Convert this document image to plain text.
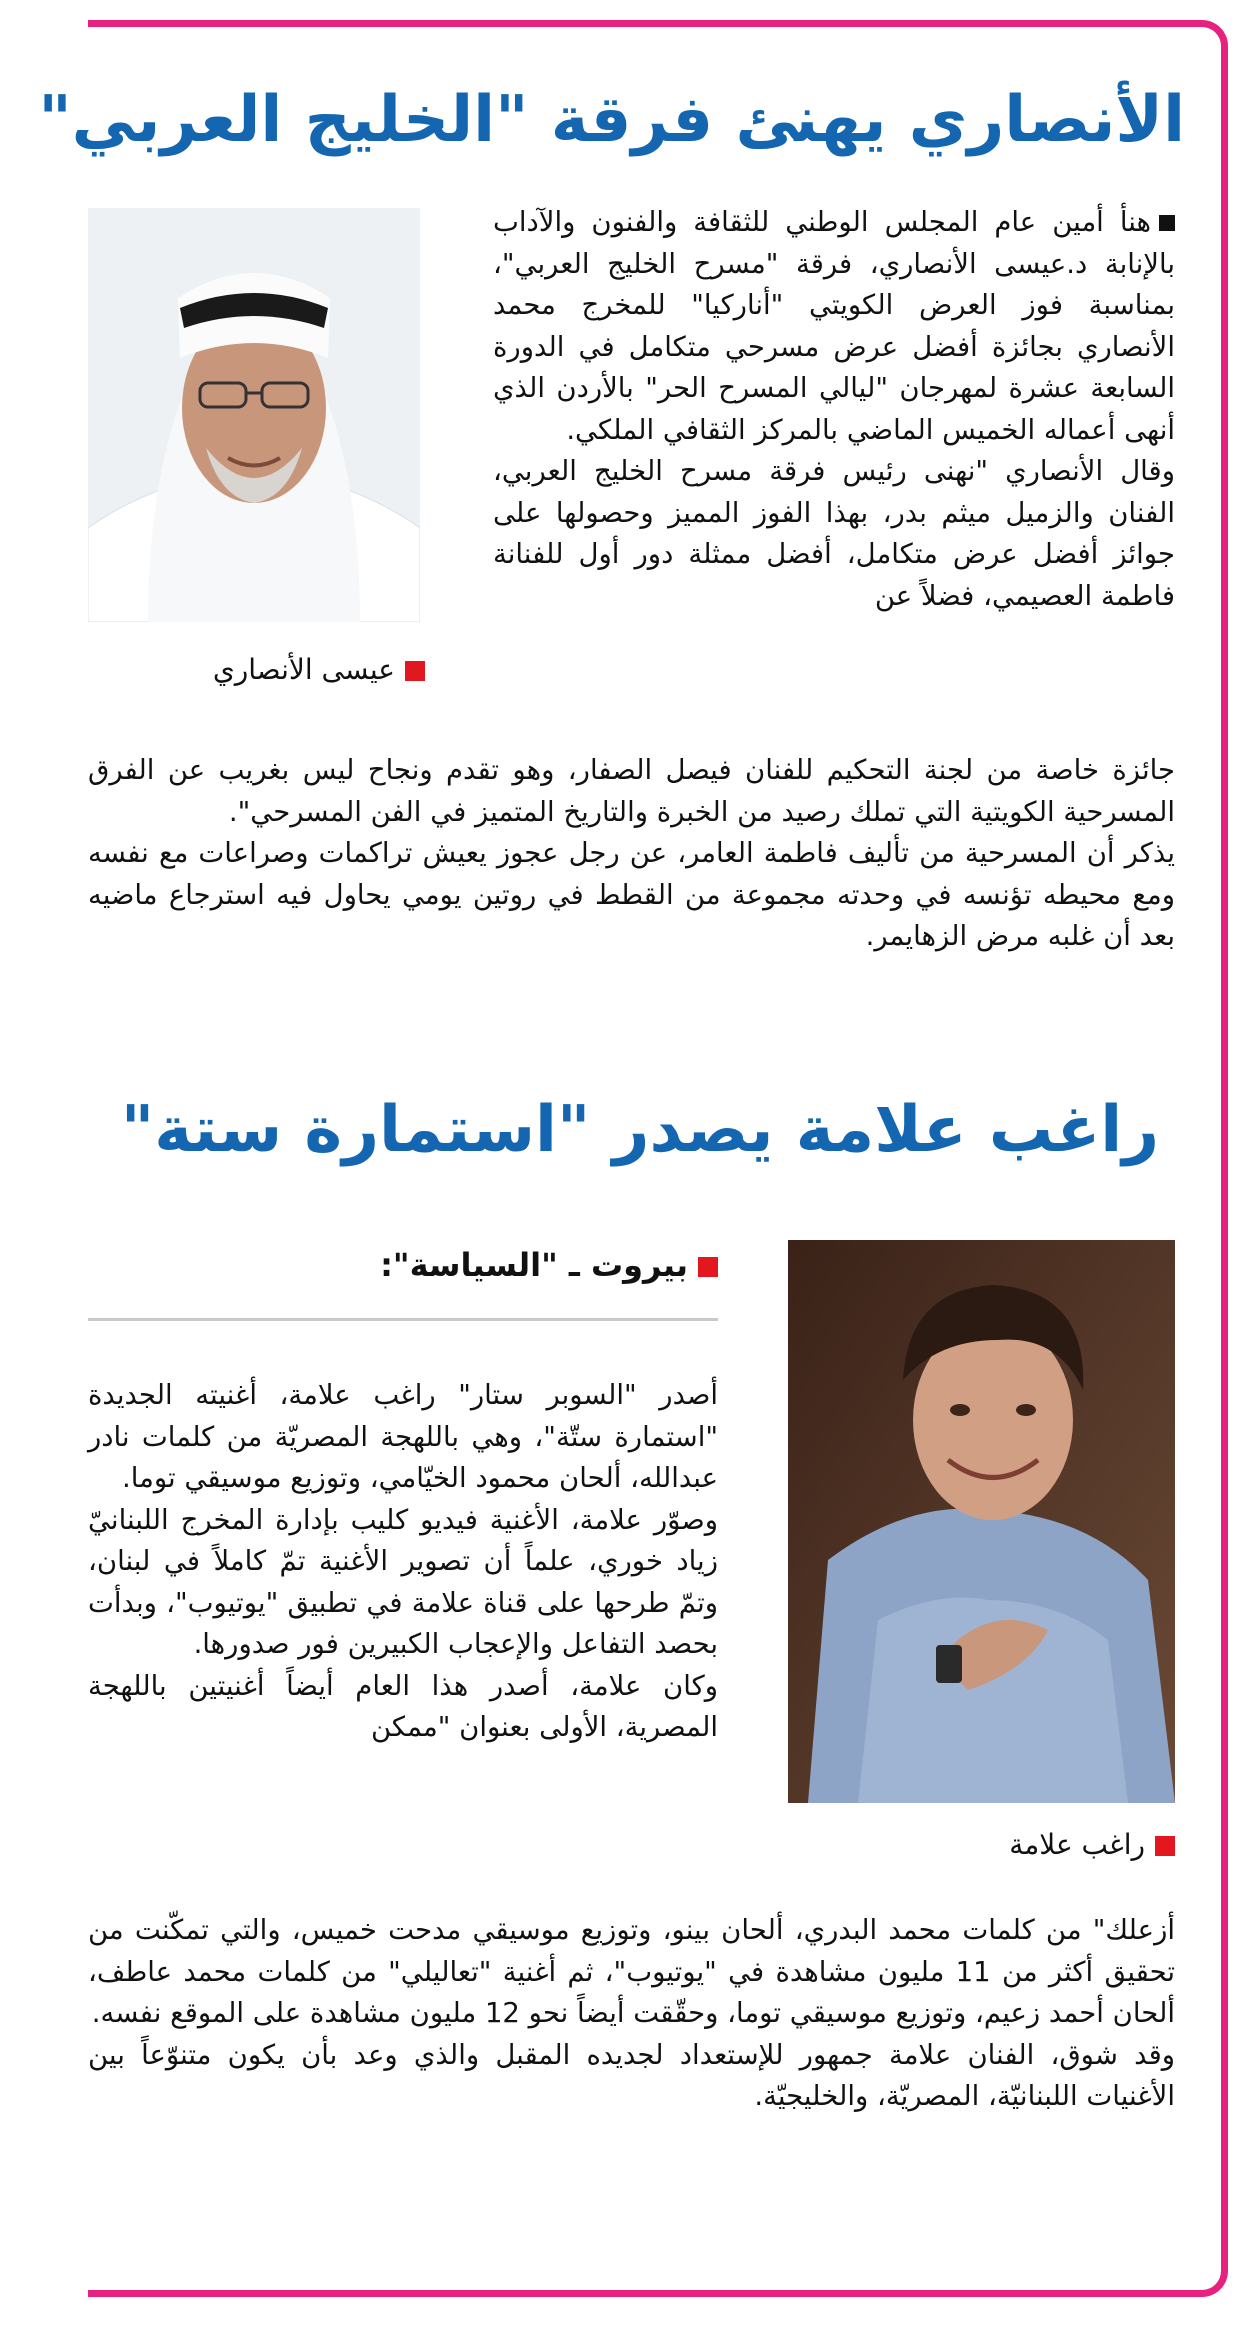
الأنصاري يهنئ فرقة "الخليج العربي"
عيسى الأنصاري

هنأ أمين عام المجلس الوطني للثقافة والفنون والآداب بالإنابة د.عيسى الأنصاري، فرقة "مسرح الخليج العربي"، بمناسبة فوز العرض الكويتي "أناركيا" للمخرج محمد الأنصاري بجائزة أفضل عرض مسرحي متكامل في الدورة السابعة عشرة لمهرجان "ليالي المسرح الحر" بالأردن الذي أنهى أعماله الخميس الماضي بالمركز الثقافي الملكي.

وقال الأنصاري "نهنى رئيس فرقة مسرح الخليج العربي، الفنان والزميل ميثم بدر، بهذا الفوز المميز وحصولها على جوائز أفضل عرض متكامل، أفضل ممثلة دور أول للفنانة فاطمة العصيمي، فضلاً عن

جائزة خاصة من لجنة التحكيم للفنان فيصل الصفار، وهو تقدم ونجاح ليس بغريب عن الفرق المسرحية الكويتية التي تملك رصيد من الخبرة والتاريخ المتميز في الفن المسرحي".

يذكر أن المسرحية من تأليف فاطمة العامر، عن رجل عجوز يعيش تراكمات وصراعات مع نفسه ومع محيطه تؤنسه في وحدته مجموعة من القطط في روتين يومي يحاول فيه استرجاع ماضيه بعد أن غلبه مرض الزهايمر.

راغب علامة يصدر "استمارة ستة"
بيروت ـ "السياسة":
راغب علامة

أصدر "السوبر ستار" راغب علامة، أغنيته الجديدة "استمارة ستّة"، وهي باللهجة المصريّة من كلمات نادر عبدالله، ألحان محمود الخيّامي، وتوزيع موسيقي توما.

وصوّر علامة، الأغنية فيديو كليب بإدارة المخرج اللبنانيّ زياد خوري، علماً أن تصوير الأغنية تمّ كاملاً في لبنان، وتمّ طرحها على قناة علامة في تطبيق "يوتيوب"، وبدأت بحصد التفاعل والإعجاب الكبيرين فور صدورها.

وكان علامة، أصدر هذا العام أيضاً أغنيتين باللهجة المصرية، الأولى بعنوان "ممكن

أزعلك" من كلمات محمد البدري، ألحان بينو، وتوزيع موسيقي مدحت خميس، والتي تمكّنت من تحقيق أكثر من 11 مليون مشاهدة في "يوتيوب"، ثم أغنية "تعاليلي" من كلمات محمد عاطف، ألحان أحمد زعيم، وتوزيع موسيقي توما، وحقّقت أيضاً نحو 12 مليون مشاهدة على الموقع نفسه.

وقد شوق، الفنان علامة جمهور للإستعداد لجديده المقبل والذي وعد بأن يكون متنوّعاً بين الأغنيات اللبنانيّة، المصريّة، والخليجيّة.
